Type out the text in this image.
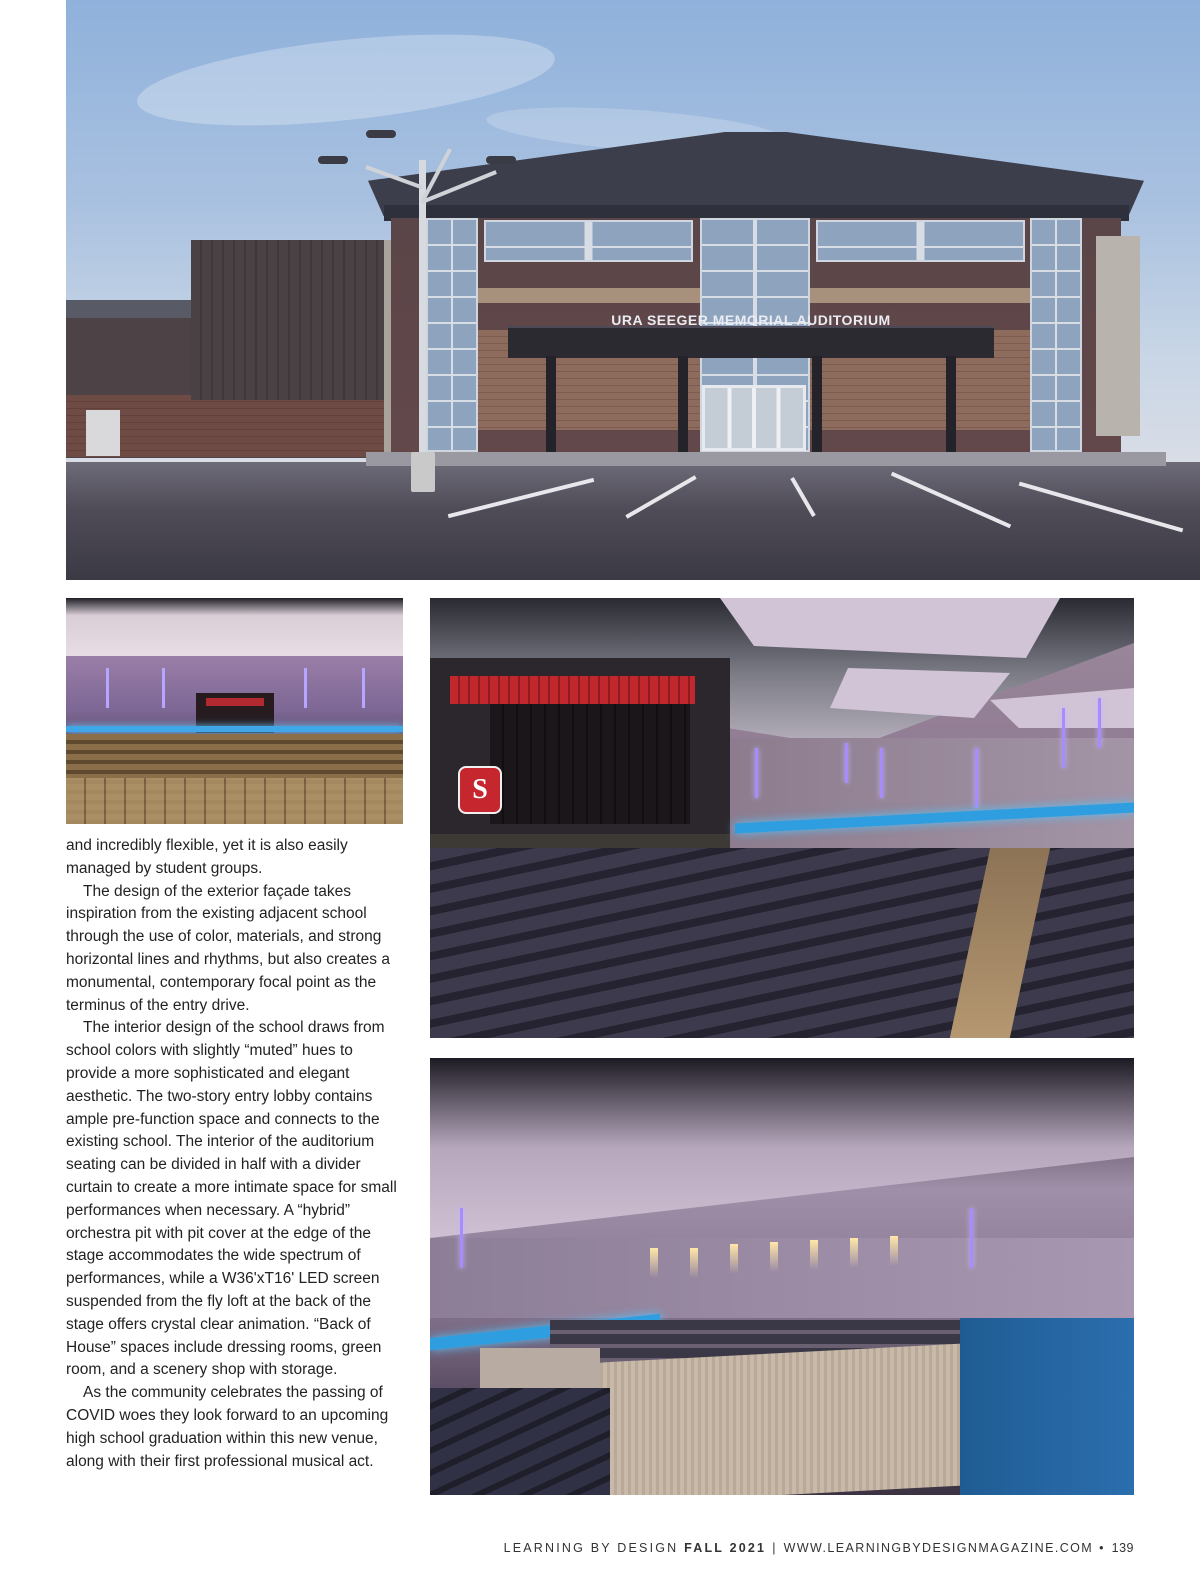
URA SEEGER MEMORIAL AUDITORIUM
S

and incredibly flexible, yet it is also easily managed by student groups.

The design of the exterior façade takes inspiration from the existing adjacent school through the use of color, materials, and strong horizontal lines and rhythms, but also creates a monumental, contemporary focal point as the terminus of the entry drive.

The interior design of the school draws from school colors with slightly “muted” hues to provide a more sophisticated and elegant aesthetic. The two-story entry lobby contains ample pre-function space and connects to the existing school. The interior of the auditorium seating can be divided in half with a divider curtain to create a more intimate space for small performances when necessary. A “hybrid” orchestra pit with pit cover at the edge of the stage accommodates the wide spectrum of performances, while a W36'xT16' LED screen suspended from the fly loft at the back of the stage offers crystal clear animation. “Back of House” spaces include dressing rooms, green room, and a scenery shop with storage.

As the community celebrates the passing of COVID woes they look forward to an upcoming high school graduation within this new venue, along with their first professional musical act.

LEARNING BY DESIGN FALL 2021 | WWW.LEARNINGBYDESIGNMAGAZINE.COM • 139
